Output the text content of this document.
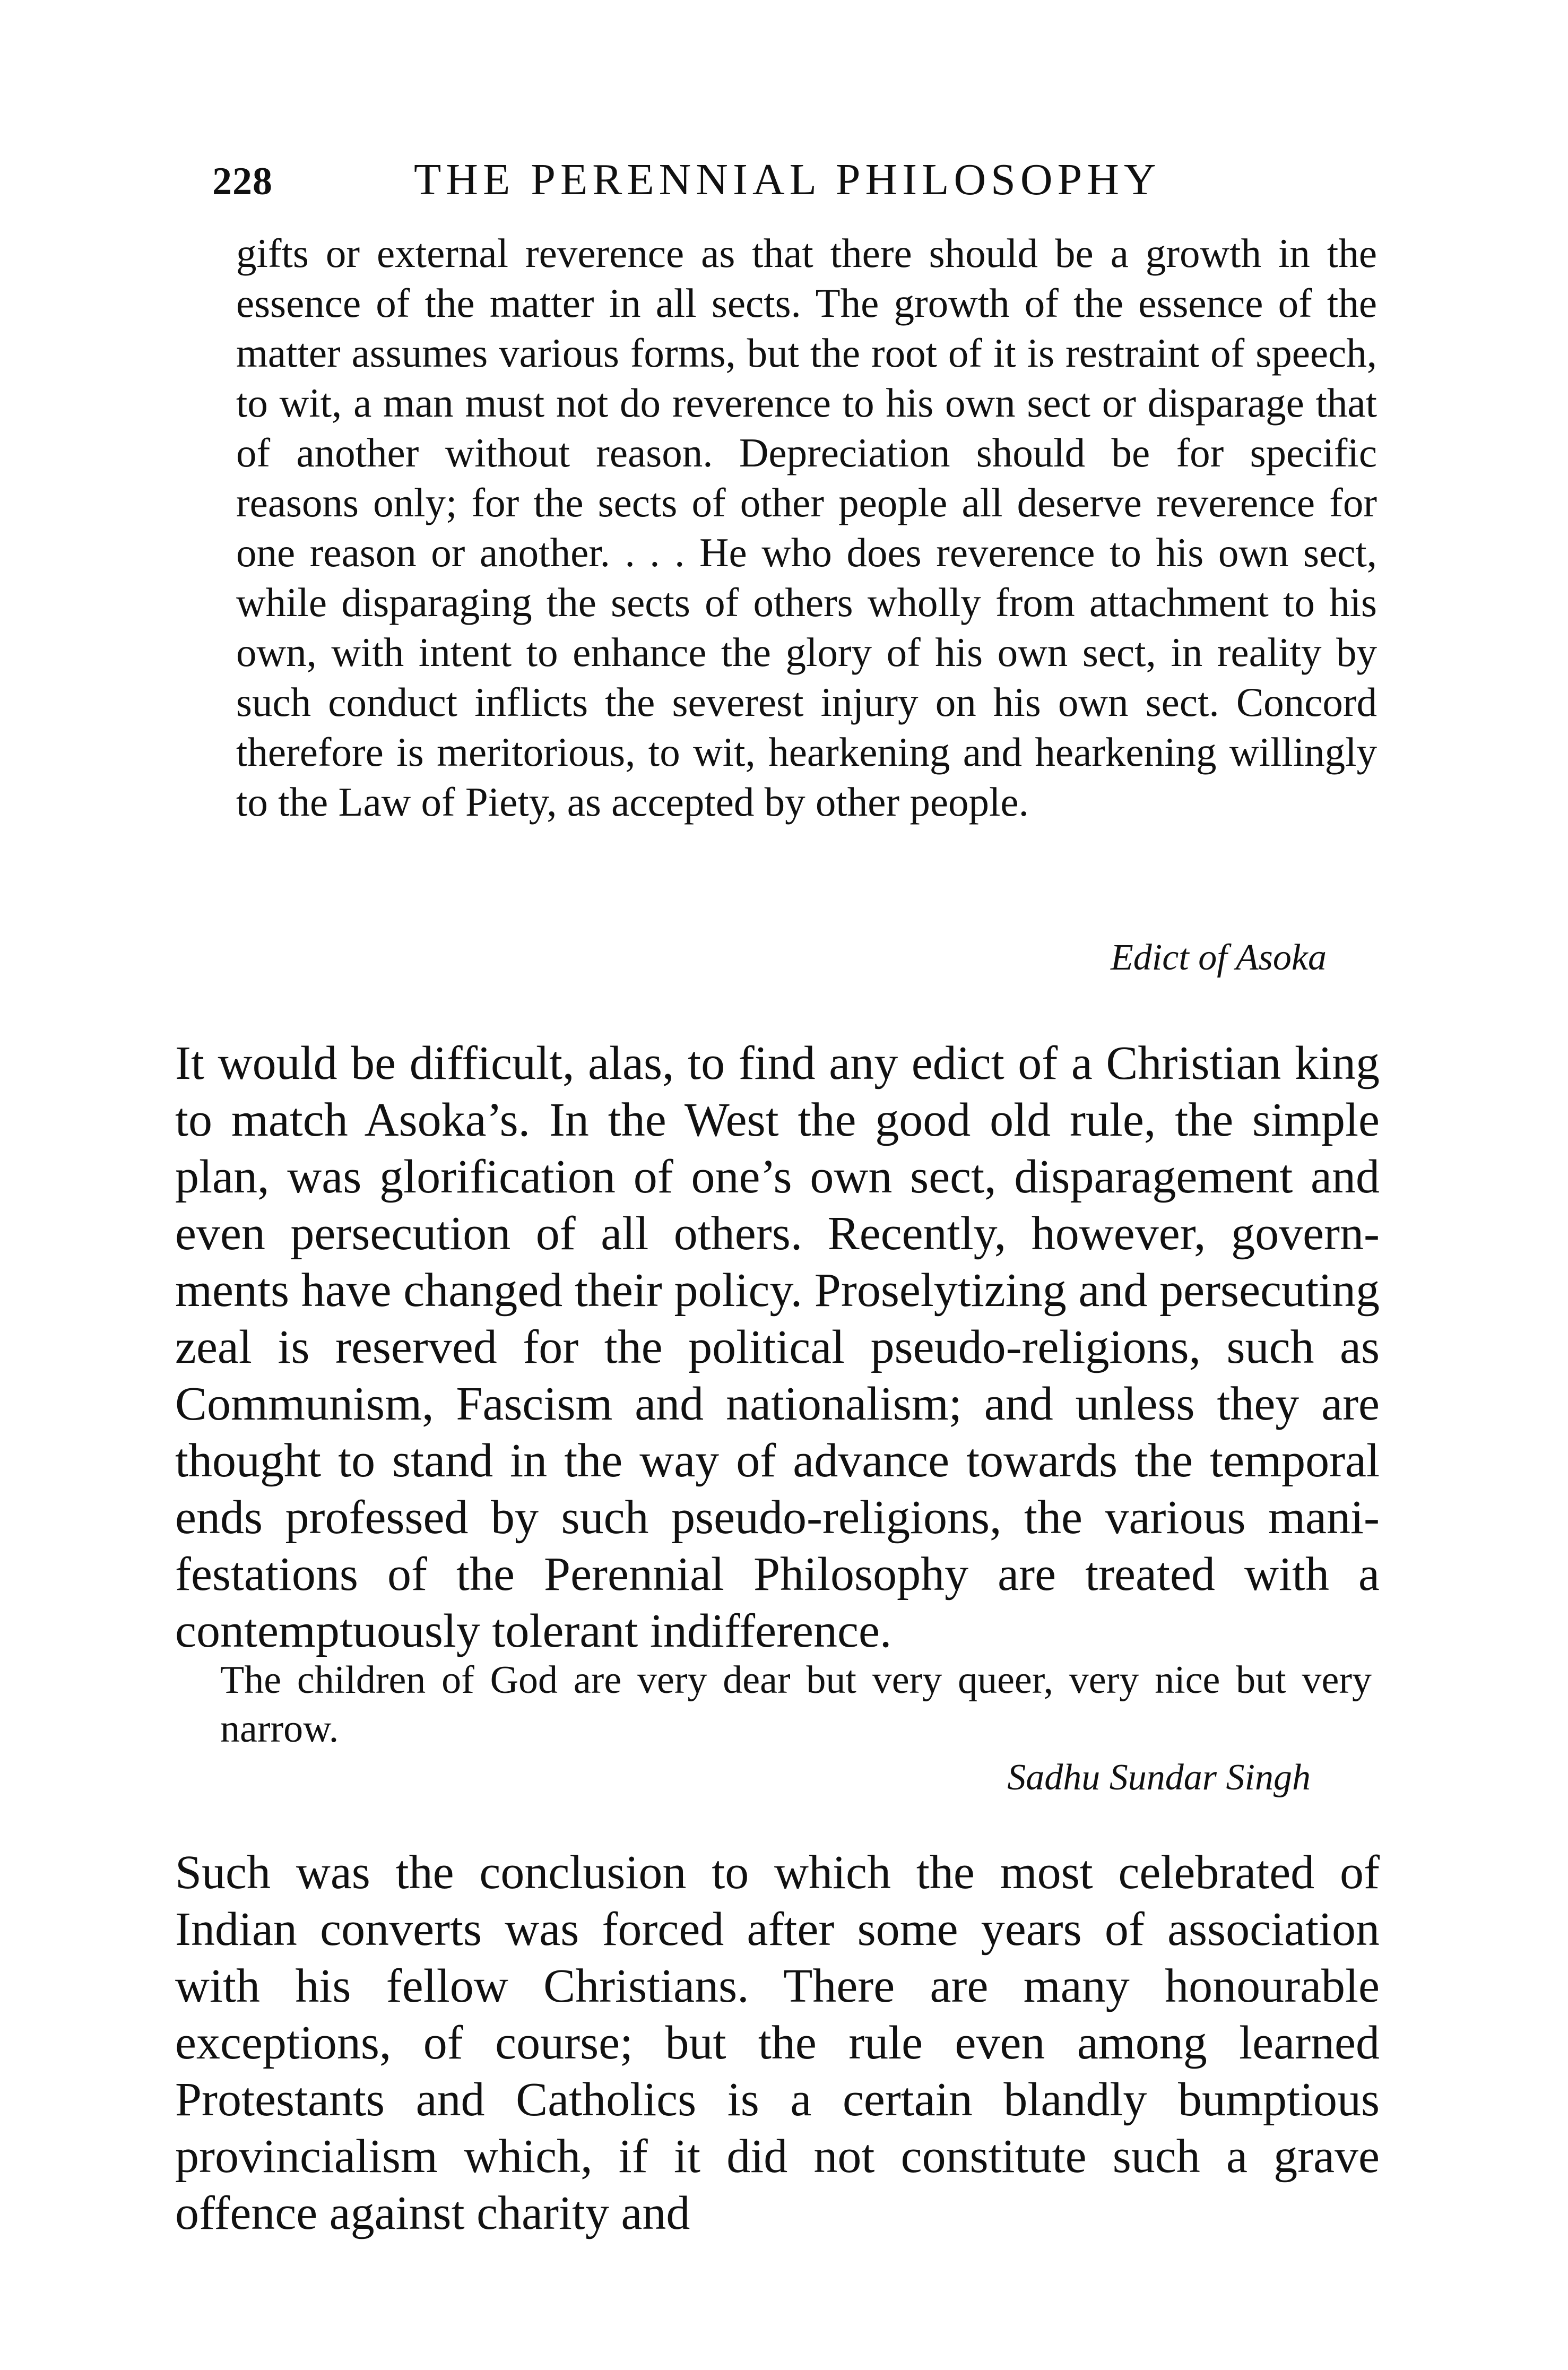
228	THE PERENNIAL PHILOSOPHY
gifts or external reverence as that there should be a growth in the essence of the matter in all sects. The growth of the essence of the matter assumes various forms, but the root of it is restraint of speech, to wit, a man must not do reverence to his own sect or disparage that of another without reason. Depreciation should be for specific reasons only; for the sects of other people all deserve reverence for one reason or another. . . . He who does reverence to his own sect, while disparaging the sects of others wholly from attachment to his own, with intent to enhance the glory of his own sect, in reality by such conduct inflicts the severest injury on his own sect. Concord therefore is meritorious, to wit, hearkening and hearkening willingly to the Law of Piety, as accepted by other people.
Edict of Asoka

It would be difficult, alas, to find any edict of a Christian king to match Asoka’s. In the West the good old rule, the simple plan, was glorification of one’s own sect, disparagement and even persecution of all others. Recently, however, governments have changed their policy. Proselytizing and persecuting zeal is reserved for the political pseudo-religions, such as Communism, Fascism and nationalism; and unless they are thought to stand in the way of advance towards the temporal ends professed by such pseudo-religions, the various manifestations of the Perennial Philosophy are treated with a contemptuously tolerant indifference.

The children of God are very dear but very queer, very nice but very narrow.
Sadhu Sundar Singh

Such was the conclusion to which the most celebrated of Indian converts was forced after some years of association with his fellow Christians. There are many honourable exceptions, of course; but the rule even among learned Protestants and Catholics is a certain blandly bumptious provincialism which, if it did not constitute such a grave offence against charity and
